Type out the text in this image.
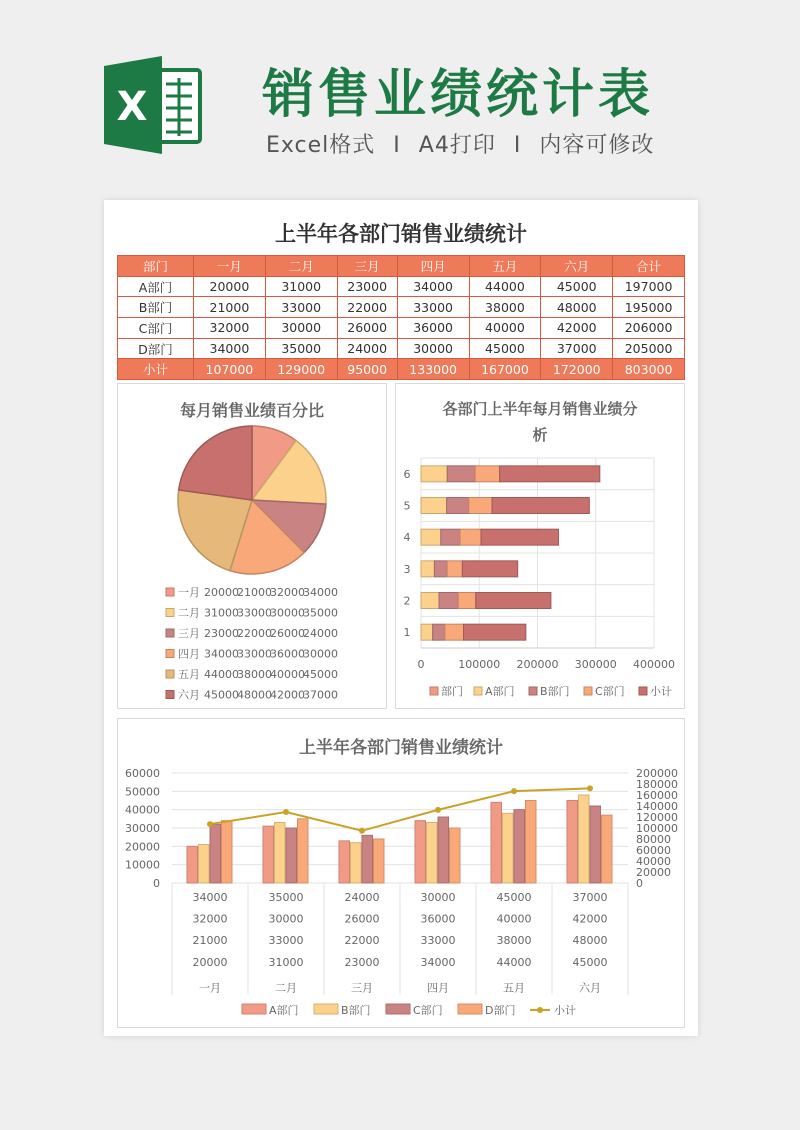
X 销售业绩统计表
Excel格式 I A4打印 I 内容可修改
上半年各部门销售业绩统计
部门	一月	二月	三月	四月	五月	六月	合计
A部门	20000	31000	23000	34000	44000	45000	197000
B部门	21000	33000	22000	33000	38000	48000	195000
C部门	32000	30000	26000	36000	40000	42000	206000
D部门	34000	35000	24000	30000	45000	37000	205000
小计	107000	129000	95000	133000	167000	172000	803000
每月销售业绩百分比
一月 20000
21000
32000
34000
二月 31000
33000
30000
35000
三月 23000
22000
26000
24000
四月 34000
33000
36000
30000
五月 44000
38000
40000
45000
六月 45000
48000
42000
37000
各部门上半年每月销售业绩分析
0	100000 200000 300000 400000
1
2
3
4
5
6
部门 A部门 B部门 C部门 小计
上半年各部门销售业绩统计
0
10000
20000
30000
40000
50000
60000
0
20000
40000
60000
80000
100000
120000
140000
160000
180000
200000
34000	35000	24000	30000	45000	37000
32000	30000	26000	36000	40000	42000
21000	33000	22000	33000	38000	48000
20000	31000	23000	34000	44000	45000
一月	二月	三月	四月	五月	六月
A部门	B部门	C部门	D部门	小计
